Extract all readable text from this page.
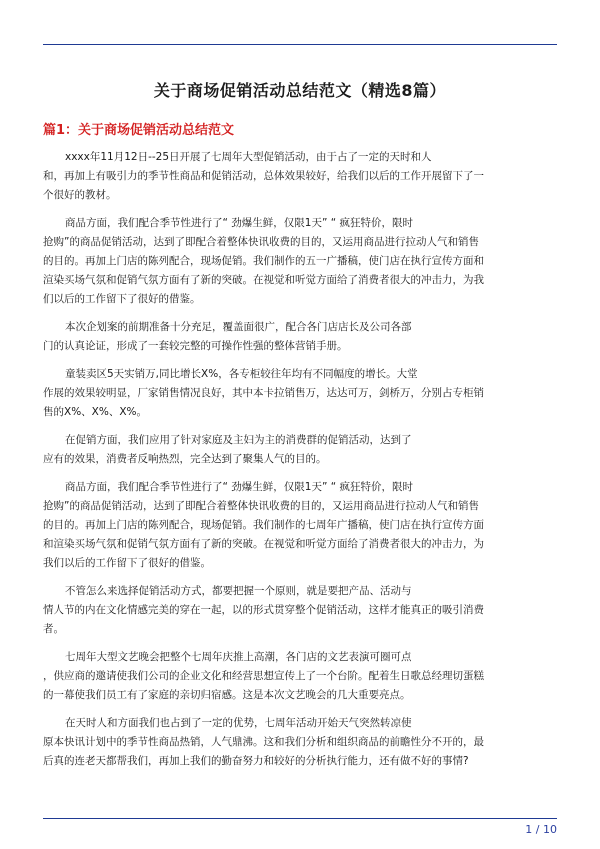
关于商场促销活动总结范文（精选8篇）
篇1：关于商场促销活动总结范文

xxxx年11月12日--25日开展了七周年大型促销活动，由于占了一定的天时和人
和，再加上有吸引力的季节性商品和促销活动，总体效果较好，给我们以后的工作开展留下了一
个很好的教材。

商品方面，我们配合季节性进行了“ 劲爆生鲜，仅限1天” “ 疯狂特价，限时
抢购”的商品促销活动，达到了即配合着整体快讯收费的目的，又运用商品进行拉动人气和销售
的目的。再加上门店的陈列配合，现场促销。我们制作的五一广播稿，使门店在执行宣传方面和
渲染买场气氛和促销气氛方面有了新的突破。在视觉和听觉方面给了消费者很大的冲击力，为我
们以后的工作留下了很好的借鉴。

本次企划案的前期准备十分充足，覆盖面很广，配合各门店店长及公司各部
门的认真论证，形成了一套较完整的可操作性强的整体营销手册。

童装卖区5天实销万,同比增长X%，各专柜较往年均有不同幅度的增长。大堂
作展的效果较明显，厂家销售情况良好，其中本卡拉销售万，达达可万，剑桥万，分别占专柜销
售的X%、X%、X%。

在促销方面，我们应用了针对家庭及主妇为主的消费群的促销活动，达到了
应有的效果，消费者反响热烈，完全达到了聚集人气的目的。

商品方面，我们配合季节性进行了“ 劲爆生鲜，仅限1天” “ 疯狂特价，限时
抢购”的商品促销活动，达到了即配合着整体快讯收费的目的，又运用商品进行拉动人气和销售
的目的。再加上门店的陈列配合，现场促销。我们制作的七周年广播稿，使门店在执行宣传方面
和渲染买场气氛和促销气氛方面有了新的突破。在视觉和听觉方面给了消费者很大的冲击力，为
我们以后的工作留下了很好的借鉴。

不管怎么来选择促销活动方式，都要把握一个原则，就是要把产品、活动与
情人节的内在文化情感完美的穿在一起，以的形式贯穿整个促销活动，这样才能真正的吸引消费
者。

七周年大型文艺晚会把整个七周年庆推上高潮，各门店的文艺表演可圈可点
，供应商的邀请使我们公司的企业文化和经营思想宣传上了一个台阶。配着生日歌总经理切蛋糕
的一幕使我们员工有了家庭的亲切归宿感。这是本次文艺晚会的几大重要亮点。

在天时人和方面我们也占到了一定的优势，七周年活动开始天气突然转凉使
原本快讯计划中的季节性商品热销，人气鼎沸。这和我们分析和组织商品的前瞻性分不开的，最
后真的连老天都帮我们，再加上我们的勤奋努力和较好的分析执行能力，还有做不好的事情?

1 / 10
